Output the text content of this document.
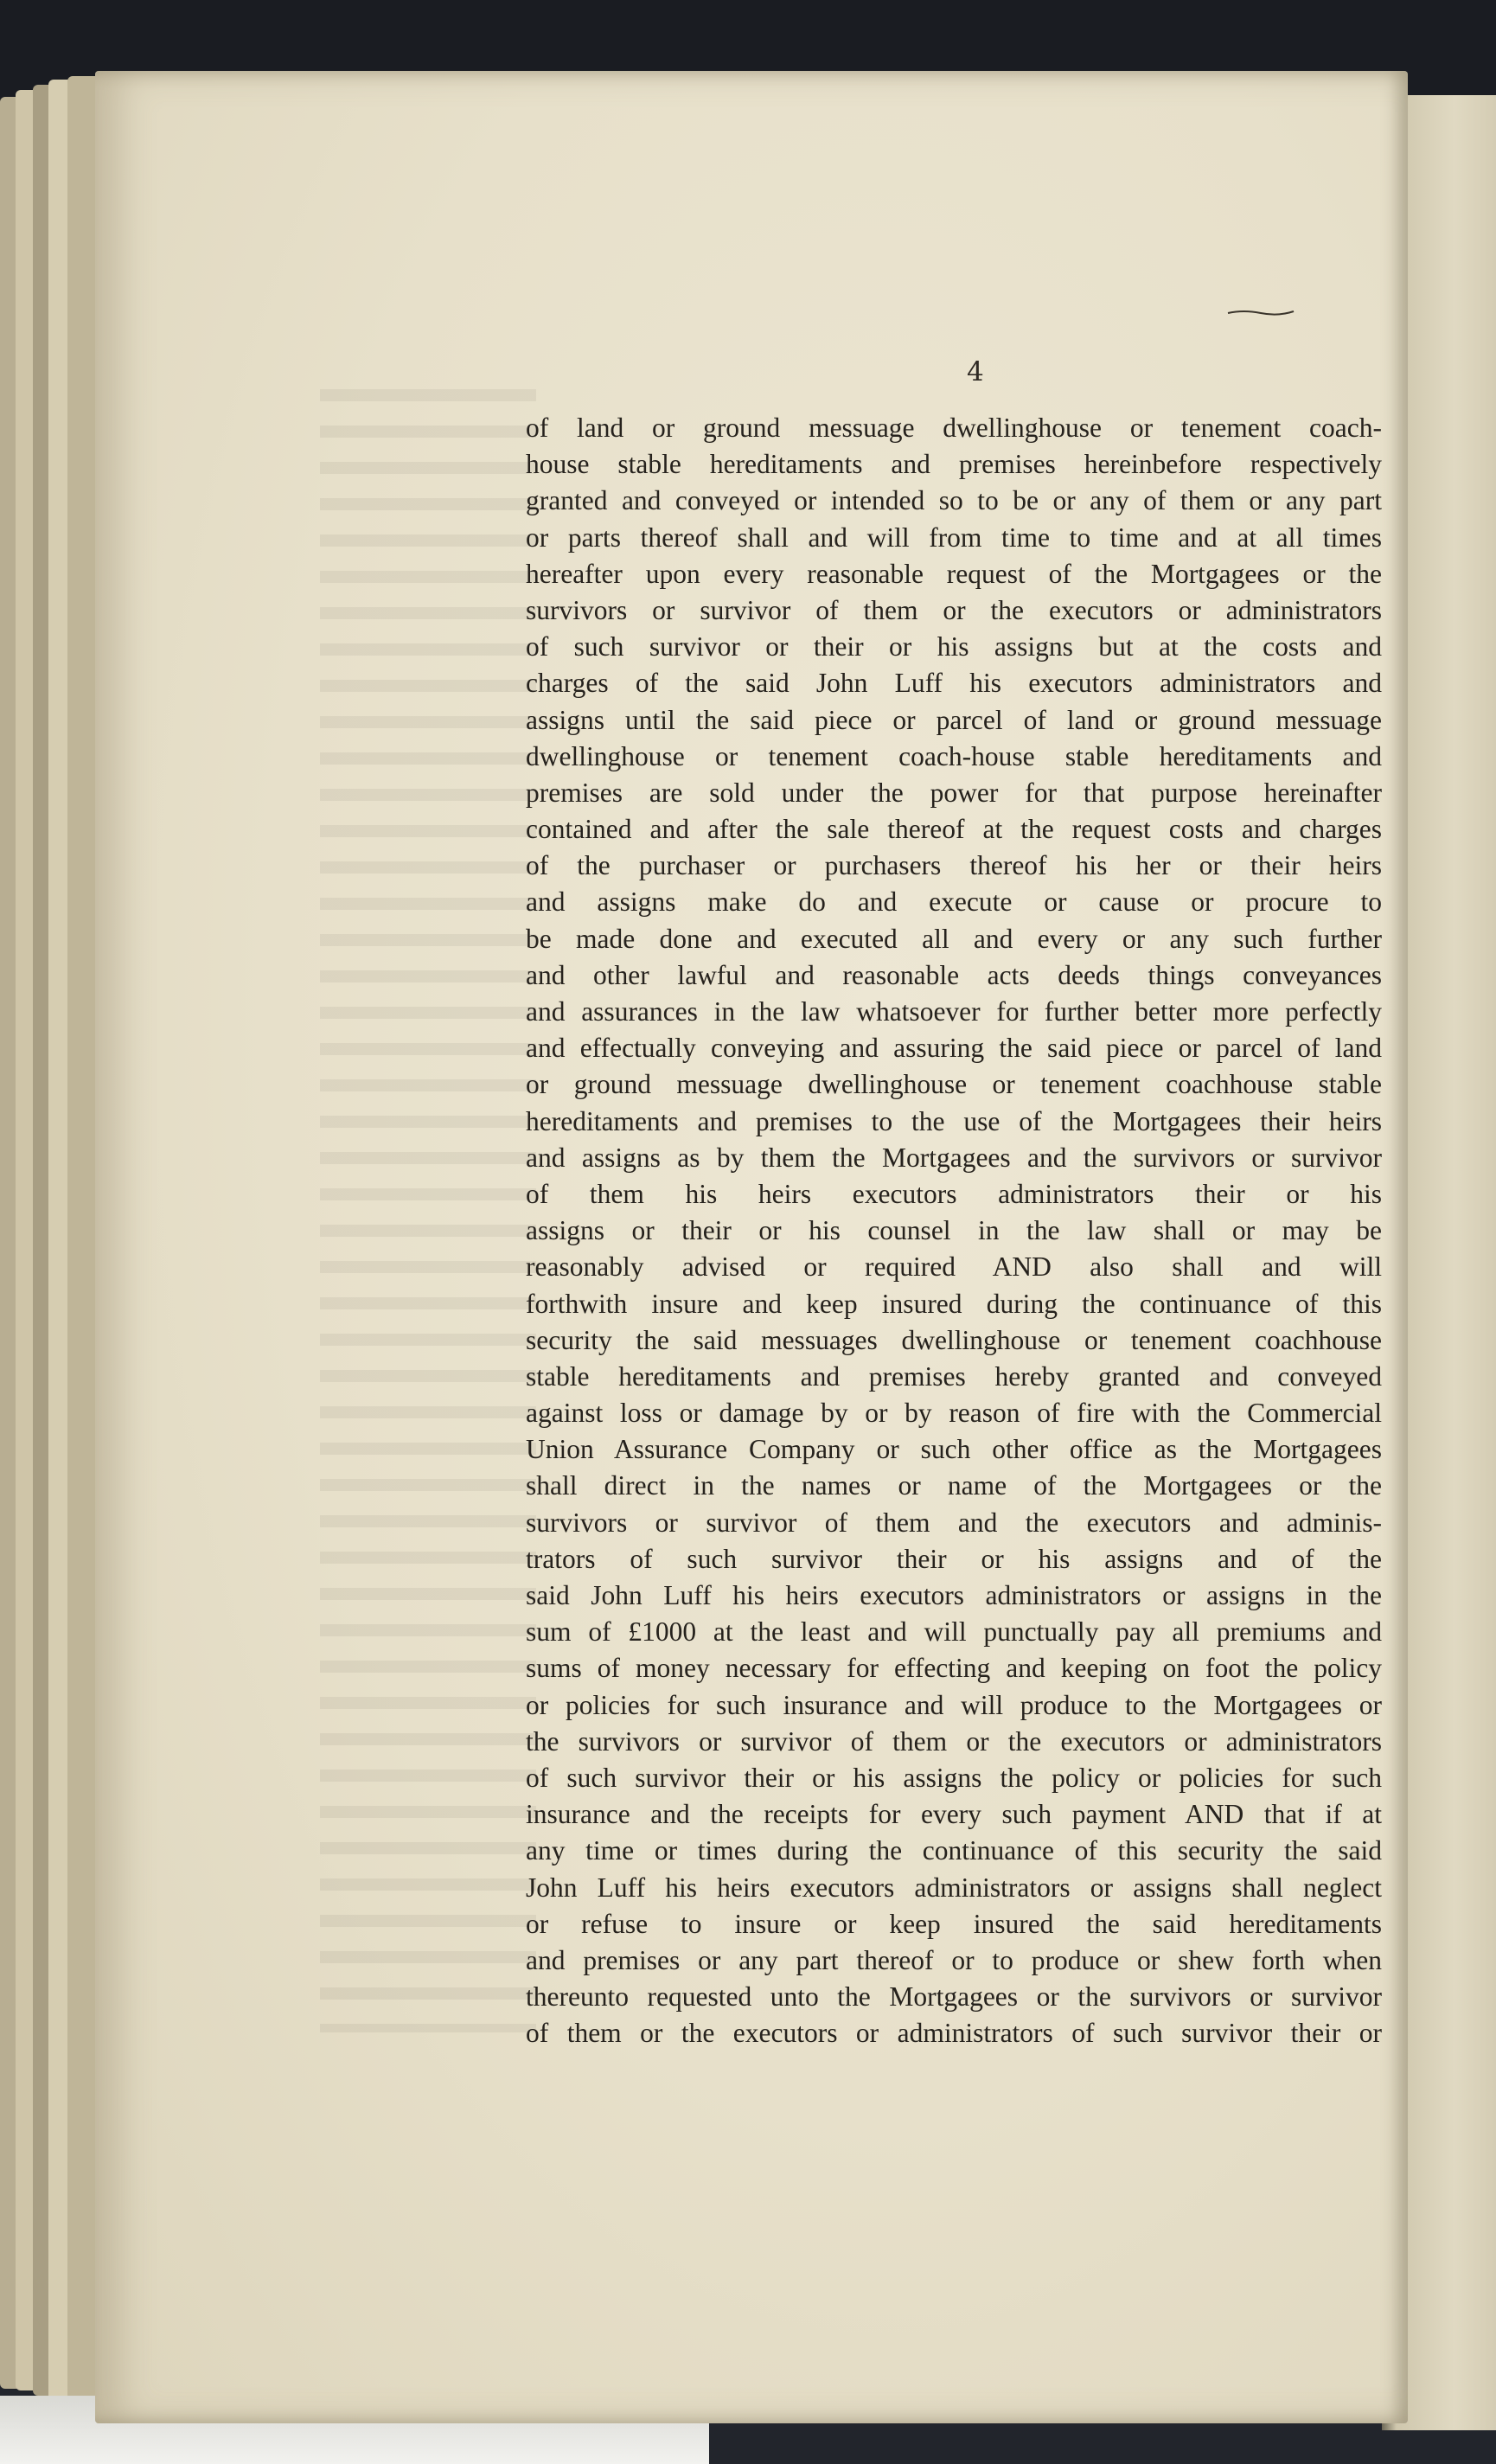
4
of land or ground messuage dwellinghouse or tenement coach-
house stable hereditaments and premises hereinbefore respectively
granted and conveyed or intended so to be or any of them or any part
or parts thereof shall and will from time to time and at all times
hereafter upon every reasonable request of the Mortgagees or the
survivors or survivor of them or the executors or administrators
of such survivor or their or his assigns but at the costs and
charges of the said John Luff his executors administrators and
assigns until the said piece or parcel of land or ground messuage
dwellinghouse or tenement coach-house stable hereditaments and
premises are sold under the power for that purpose hereinafter
contained and after the sale thereof at the request costs and charges
of the purchaser or purchasers thereof his her or their heirs
and assigns make do and execute or cause or procure to
be made done and executed all and every or any such further
and other lawful and reasonable acts deeds things conveyances
and assurances in the law whatsoever for further better more perfectly
and effectually conveying and assuring the said piece or parcel of land
or ground messuage dwellinghouse or tenement coachhouse stable
hereditaments and premises to the use of the Mortgagees their heirs
and assigns as by them the Mortgagees and the survivors or survivor
of them his heirs executors administrators their or his
assigns or their or his counsel in the law shall or may be
reasonably advised or required AND also shall and will
forthwith insure and keep insured during the continuance of this
security the said messuages dwellinghouse or tenement coachhouse
stable hereditaments and premises hereby granted and conveyed
against loss or damage by or by reason of fire with the Commercial
Union Assurance Company or such other office as the Mortgagees
shall direct in the names or name of the Mortgagees or the
survivors or survivor of them and the executors and adminis-
trators of such survivor their or his assigns and of the
said John Luff his heirs executors administrators or assigns in the
sum of £1000 at the least and will punctually pay all premiums and
sums of money necessary for effecting and keeping on foot the policy
or policies for such insurance and will produce to the Mortgagees or
the survivors or survivor of them or the executors or administrators
of such survivor their or his assigns the policy or policies for such
insurance and the receipts for every such payment AND that if at
any time or times during the continuance of this security the said
John Luff his heirs executors administrators or assigns shall neglect
or refuse to insure or keep insured the said hereditaments
and premises or any part thereof or to produce or shew forth when
thereunto requested unto the Mortgagees or the survivors or survivor
of them or the executors or administrators of such survivor their or
